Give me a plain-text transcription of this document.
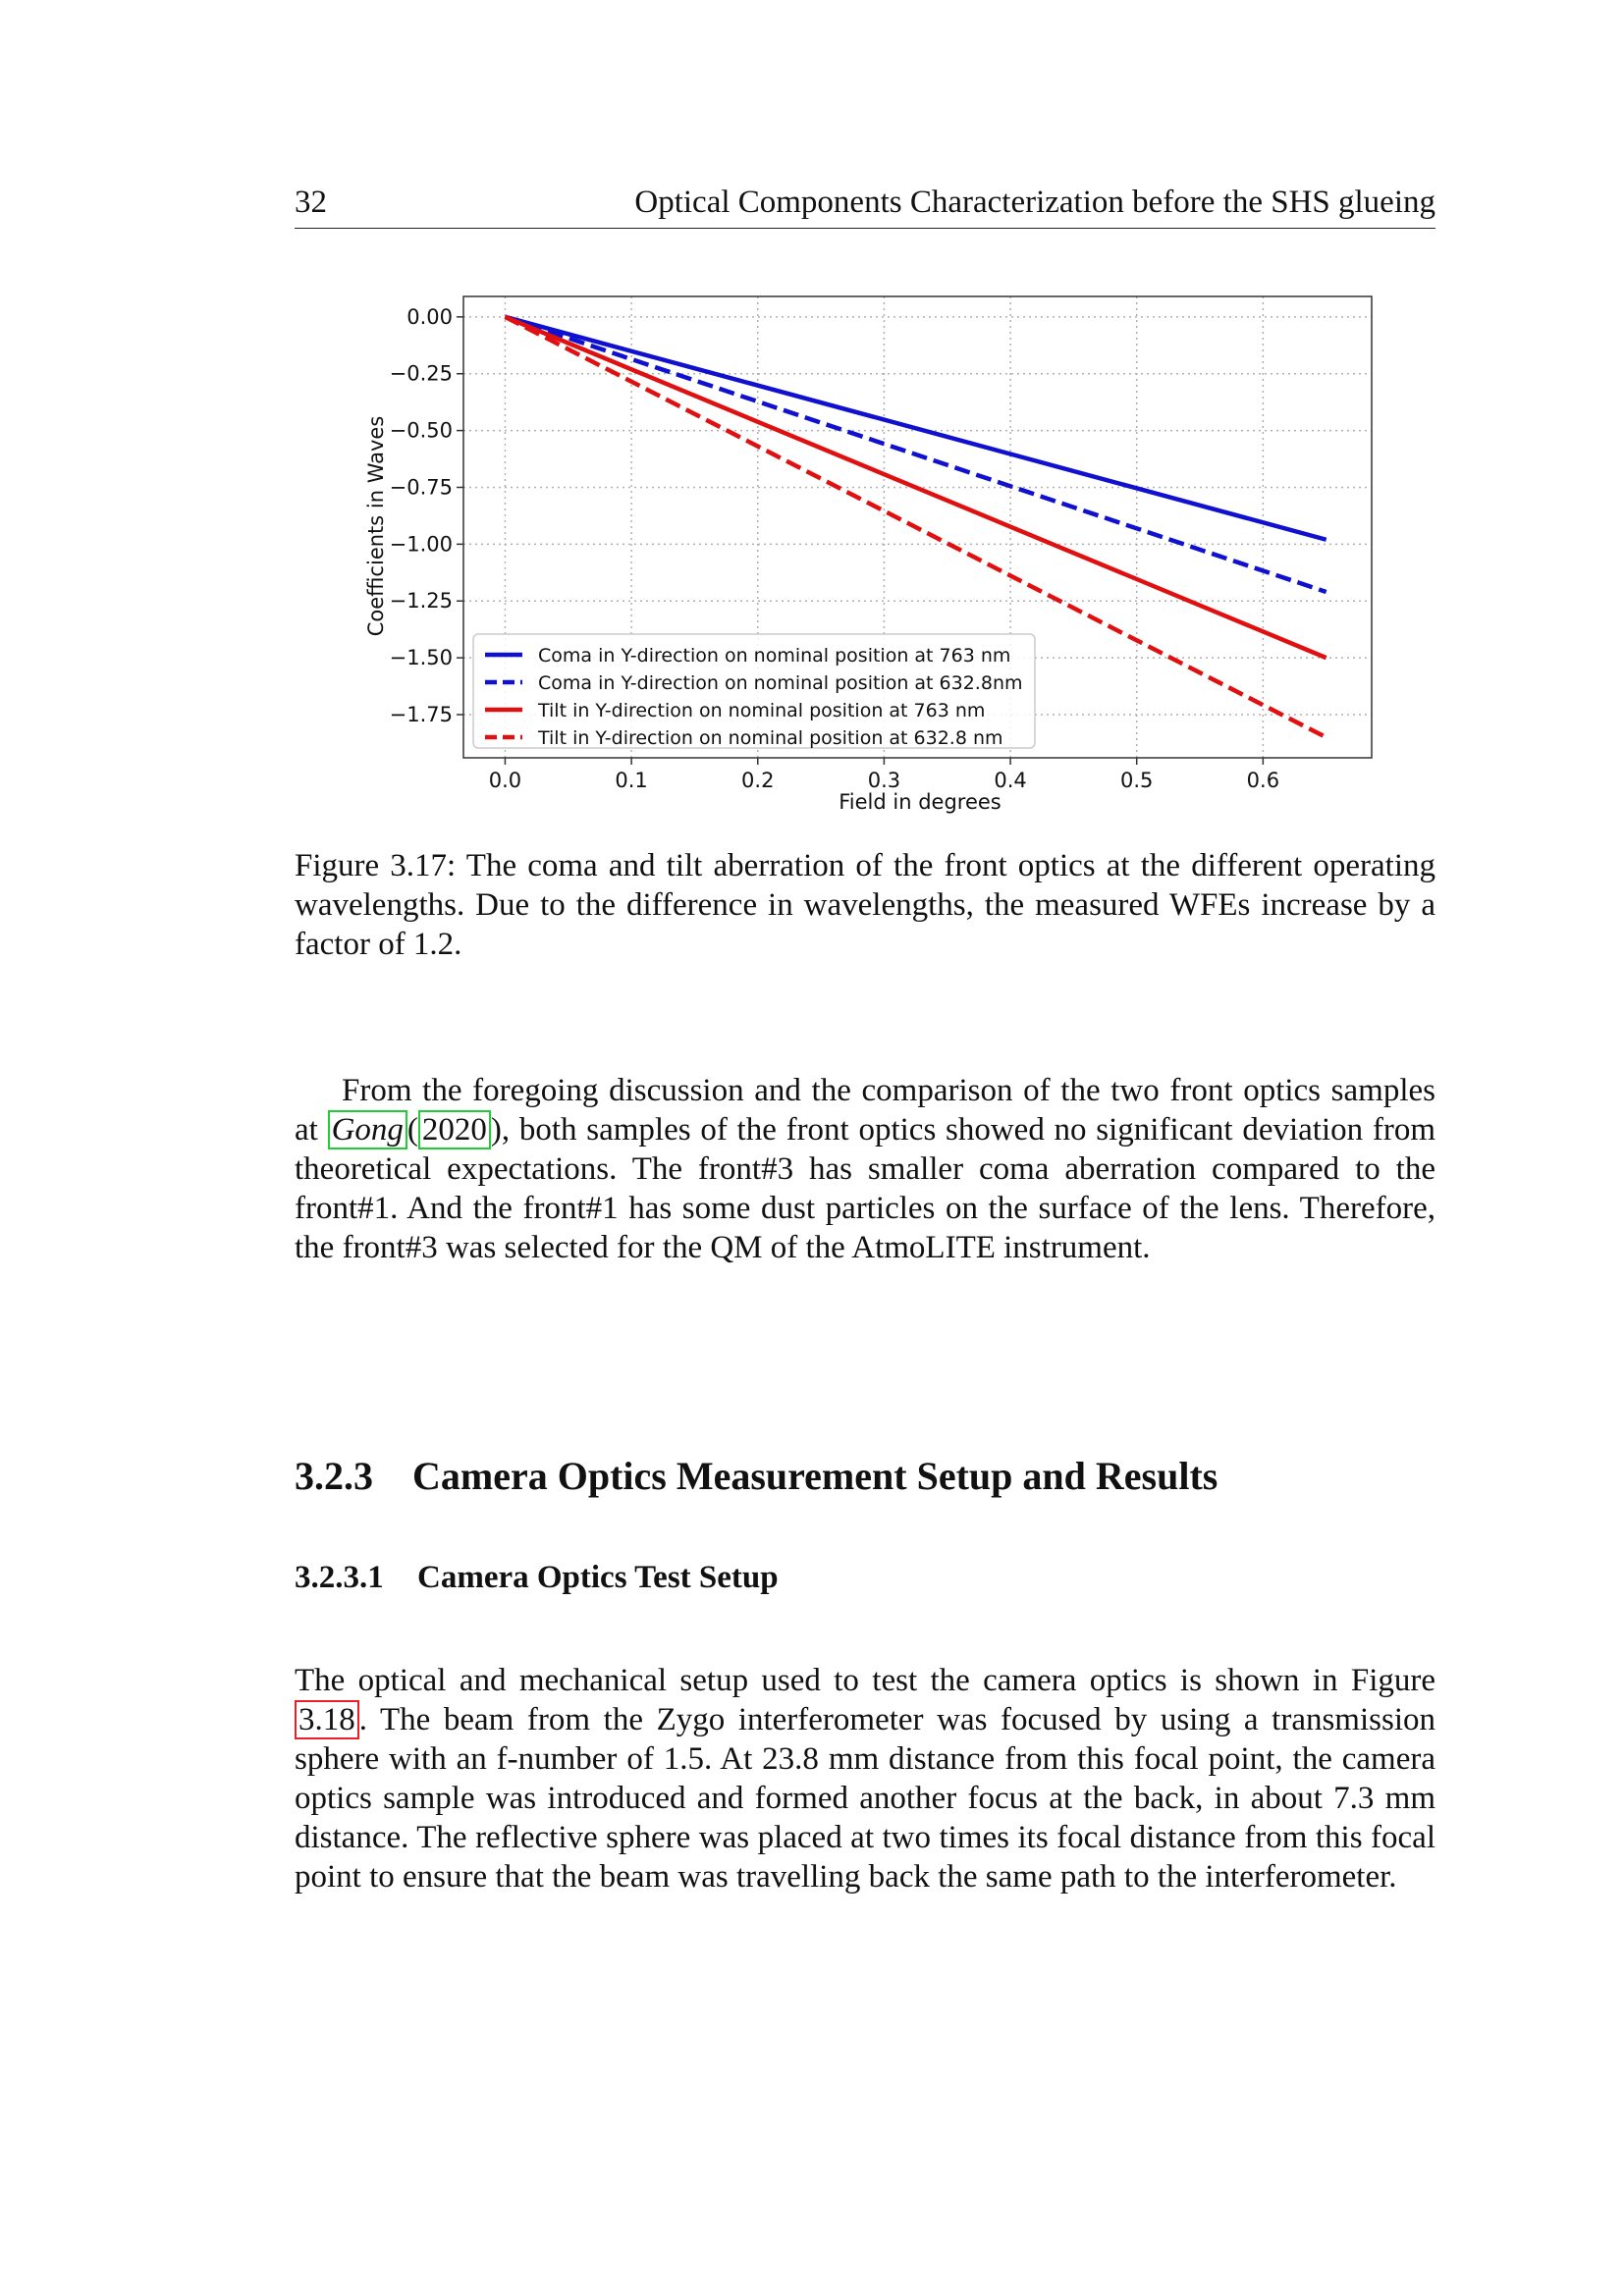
32	Optical Components Characterization before the SHS glueing
0.0	0.1	0.2	0.3	0.4	0.5	0.6
0.00
−0.25
−0.50
−0.75
−1.00
−1.25
−1.50
−1.75
Coma in Y-direction on nominal position at 763 nm
Coma in Y-direction on nominal position at 632.8nm
Tilt in Y-direction on nominal position at 763 nm
Tilt in Y-direction on nominal position at 632.8 nm
Field in degrees
Coefficients in Waves
Figure 3.17: The coma and tilt aberration of the front optics at the different operating wavelengths. Due to the difference in wavelengths, the measured WFEs increase by a factor of 1.2.

From the foregoing discussion and the comparison of the two front optics samples at Gong ( 2020 ), both samples of the front optics showed no significant deviation from theoretical expectations. The front#3 has smaller coma aberration compared to the front#1. And the front#1 has some dust particles on the surface of the lens. Therefore, the front#3 was selected for the QM of the AtmoLITE instrument.

3.2.3 Camera Optics Measurement Setup and Results
3.2.3.1 Camera Optics Test Setup

The optical and mechanical setup used to test the camera optics is shown in Figure 3.18 . The beam from the Zygo interferometer was focused by using a transmission sphere with an f-number of 1.5. At 23.8 mm distance from this focal point, the camera optics sample was introduced and formed another focus at the back, in about 7.3 mm distance. The reflective sphere was placed at two times its focal distance from this focal point to ensure that the beam was travelling back the same path to the interferometer.
